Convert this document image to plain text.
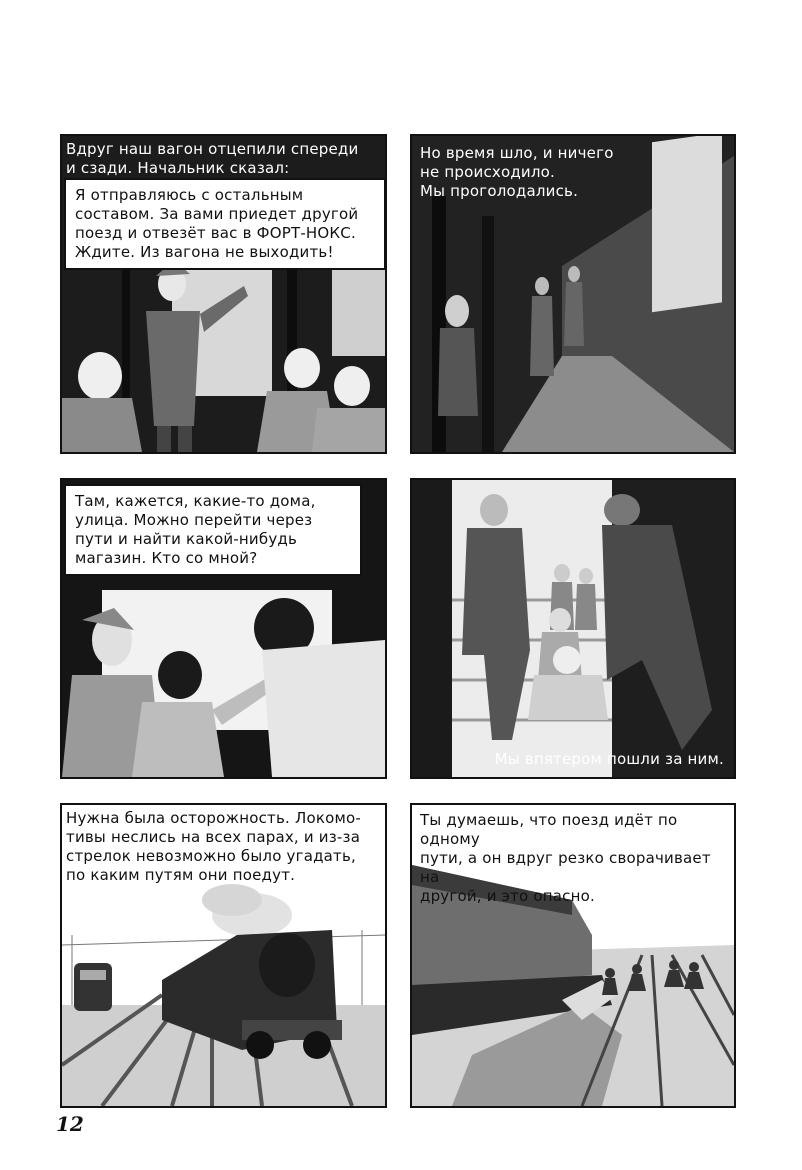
Вдруг наш вагон отцепили спереди
и сзади. Начальник сказал:
Я отправляюсь с остальным
составом. За вами приедет другой
поезд и отвезёт вас в ФОРТ-НОКС.
Ждите. Из вагона не выходить!
Но время шло, и ничего
не происходило.
Мы проголодались.
Там, кажется, какие-то дома,
улица. Можно перейти через
пути и найти какой-нибудь
магазин. Кто со мной?
Мы впятером пошли за ним.
Нужна была осторожность. Локомо-
тивы неслись на всех парах, и из-за
стрелок невозможно было угадать,
по каким путям они поедут.
Ты думаешь, что поезд идёт по одному
пути, а он вдруг резко сворачивает на
другой, и это опасно.
12
